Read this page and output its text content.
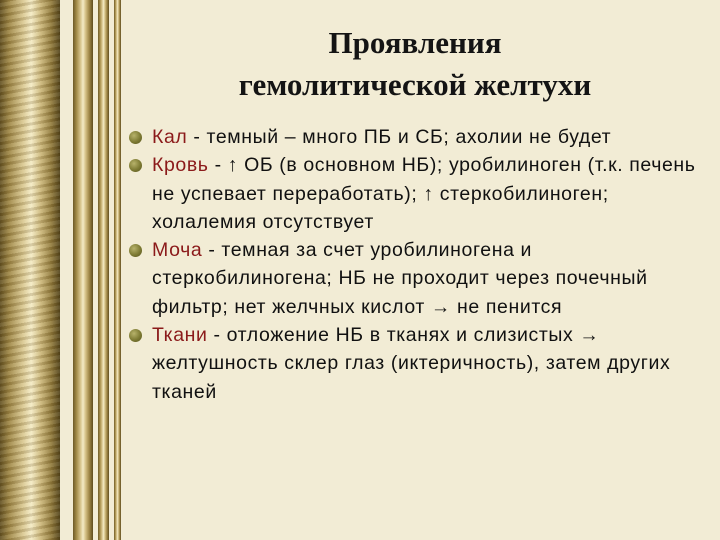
Проявления
гемолитической желтухи
Кал - темный – много ПБ и СБ; ахолии не будет
Кровь - ↑ ОБ (в основном НБ); уробилиноген (т.к. печень не успевает переработать); ↑ стеркобилиноген; холалемия отсутствует
Моча - темная за счет уробилиногена и стеркобилиногена; НБ не проходит через почечный фильтр; нет желчных кислот → не пенится
Ткани - отложение НБ в тканях и слизистых → желтушность склер глаз (иктеричность), затем других тканей
